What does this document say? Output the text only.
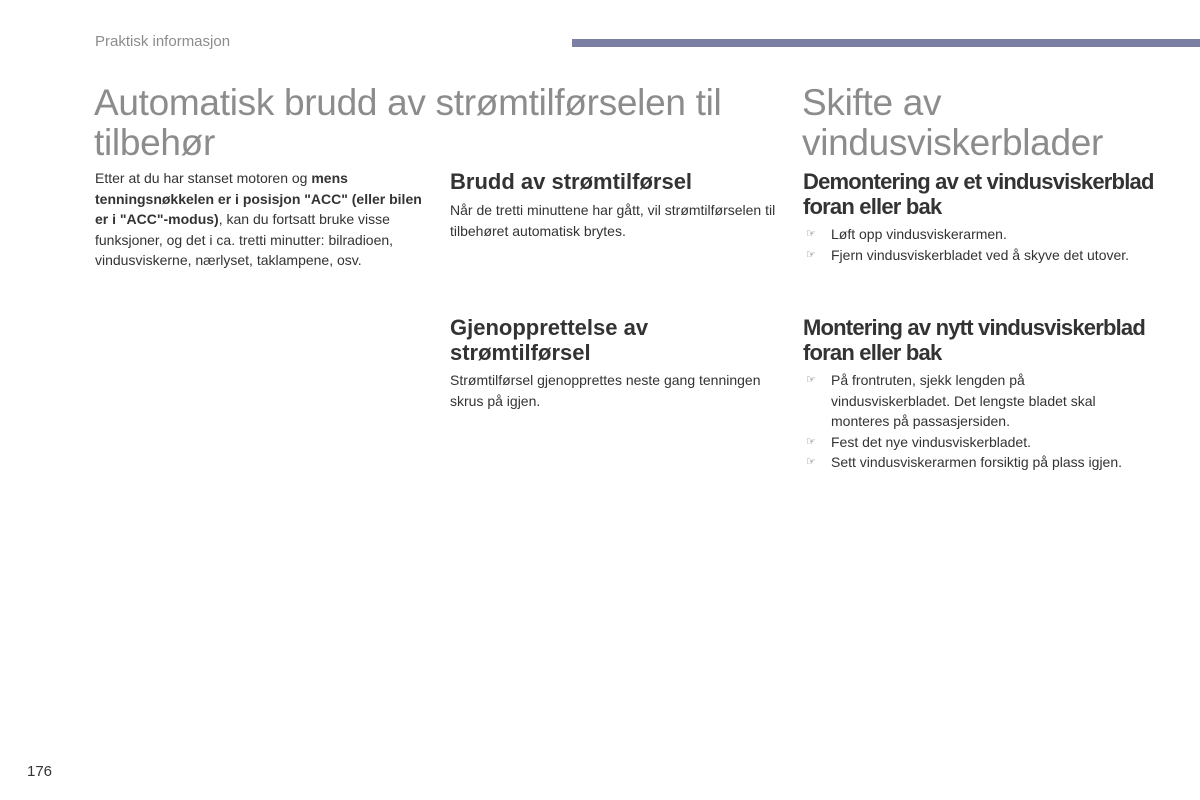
Praktisk informasjon
Automatisk brudd av strømtilførselen til tilbehør
Skifte av vindusviskerblader

Etter at du har stanset motoren og mens tenningsnøkkelen er i posisjon "ACC" (eller bilen er i "ACC"-modus), kan du fortsatt bruke visse funksjoner, og det i ca. tretti minutter: bilradioen, vindusviskerne, nærlyset, taklampene, osv.

Brudd av strømtilførsel

Når de tretti minuttene har gått, vil strømtilførselen til tilbehøret automatisk brytes.

Gjenopprettelse av strømtilførsel

Strømtilførsel gjenopprettes neste gang tenningen skrus på igjen.

Demontering av et vindusviskerblad foran eller bak
☞ Løft opp vindusviskerarmen.
☞ Fjern vindusviskerbladet ved å skyve det utover.
Montering av nytt vindusviskerblad foran eller bak
☞ På frontruten, sjekk lengden på vindusviskerbladet. Det lengste bladet skal monteres på passasjersiden.
☞ Fest det nye vindusviskerbladet.
☞ Sett vindusviskerarmen forsiktig på plass igjen.
176
